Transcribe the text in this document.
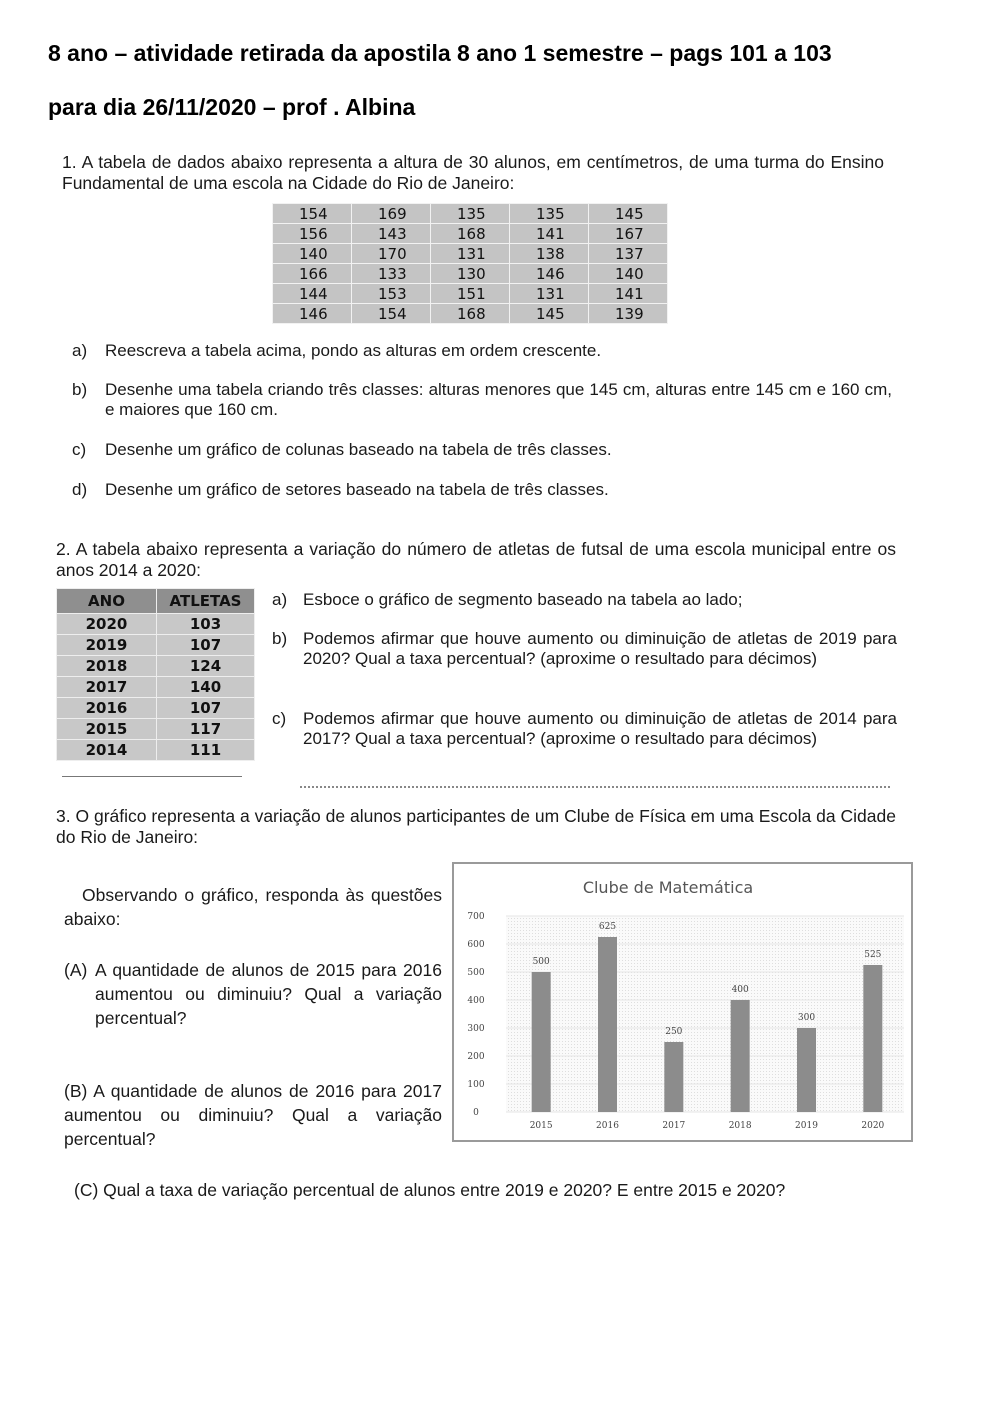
8 ano – atividade retirada da apostila 8 ano 1 semestre – pags 101 a 103
para dia 26/11/2020 – prof . Albina
1. A tabela de dados abaixo representa a altura de 30 alunos, em centímetros, de uma turma do Ensino Fundamental de uma escola na Cidade do Rio de Janeiro:
154	169	135	135	145
156	143	168	141	167
140	170	131	138	137
166	133	130	146	140
144	153	151	131	141
146	154	168	145	139
a) Reescreva a tabela acima, pondo as alturas em ordem crescente.
b) Desenhe uma tabela criando três classes: alturas menores que 145 cm, alturas entre 145 cm e 160 cm, e maiores que 160 cm.
c) Desenhe um gráfico de colunas baseado na tabela de três classes.
d) Desenhe um gráfico de setores baseado na tabela de três classes.
2. A tabela abaixo representa a variação do número de atletas de futsal de uma escola municipal entre os anos 2014 a 2020:
ANO	ATLETAS
2020	103
2019	107
2018	124
2017	140
2016	107
2015	117
2014	111
a) Esboce o gráfico de segmento baseado na tabela ao lado;
b) Podemos afirmar que houve aumento ou diminuição de atletas de 2019 para 2020? Qual a taxa percentual? (aproxime o resultado para décimos)
c) Podemos afirmar que houve aumento ou diminuição de atletas de 2014 para 2017? Qual a taxa percentual? (aproxime o resultado para décimos)
3. O gráfico representa a variação de alunos participantes de um Clube de Física em uma Escola da Cidade do Rio de Janeiro:
Observando o gráfico, responda às questões abaixo:
(A) A quantidade de alunos de 2015 para 2016 aumentou ou diminuiu? Qual a variação percentual?
(B) A quantidade de alunos de 2016 para 2017 aumentou ou diminuiu? Qual a variação percentual?
(C) Qual a taxa de variação percentual de alunos entre 2019 e 2020? E entre 2015 e 2020?
Clube de Matemática
500
625
250
400
300
525
0
100
200
300
400
500
600
700
2015	2016	2017	2018	2019	2020
